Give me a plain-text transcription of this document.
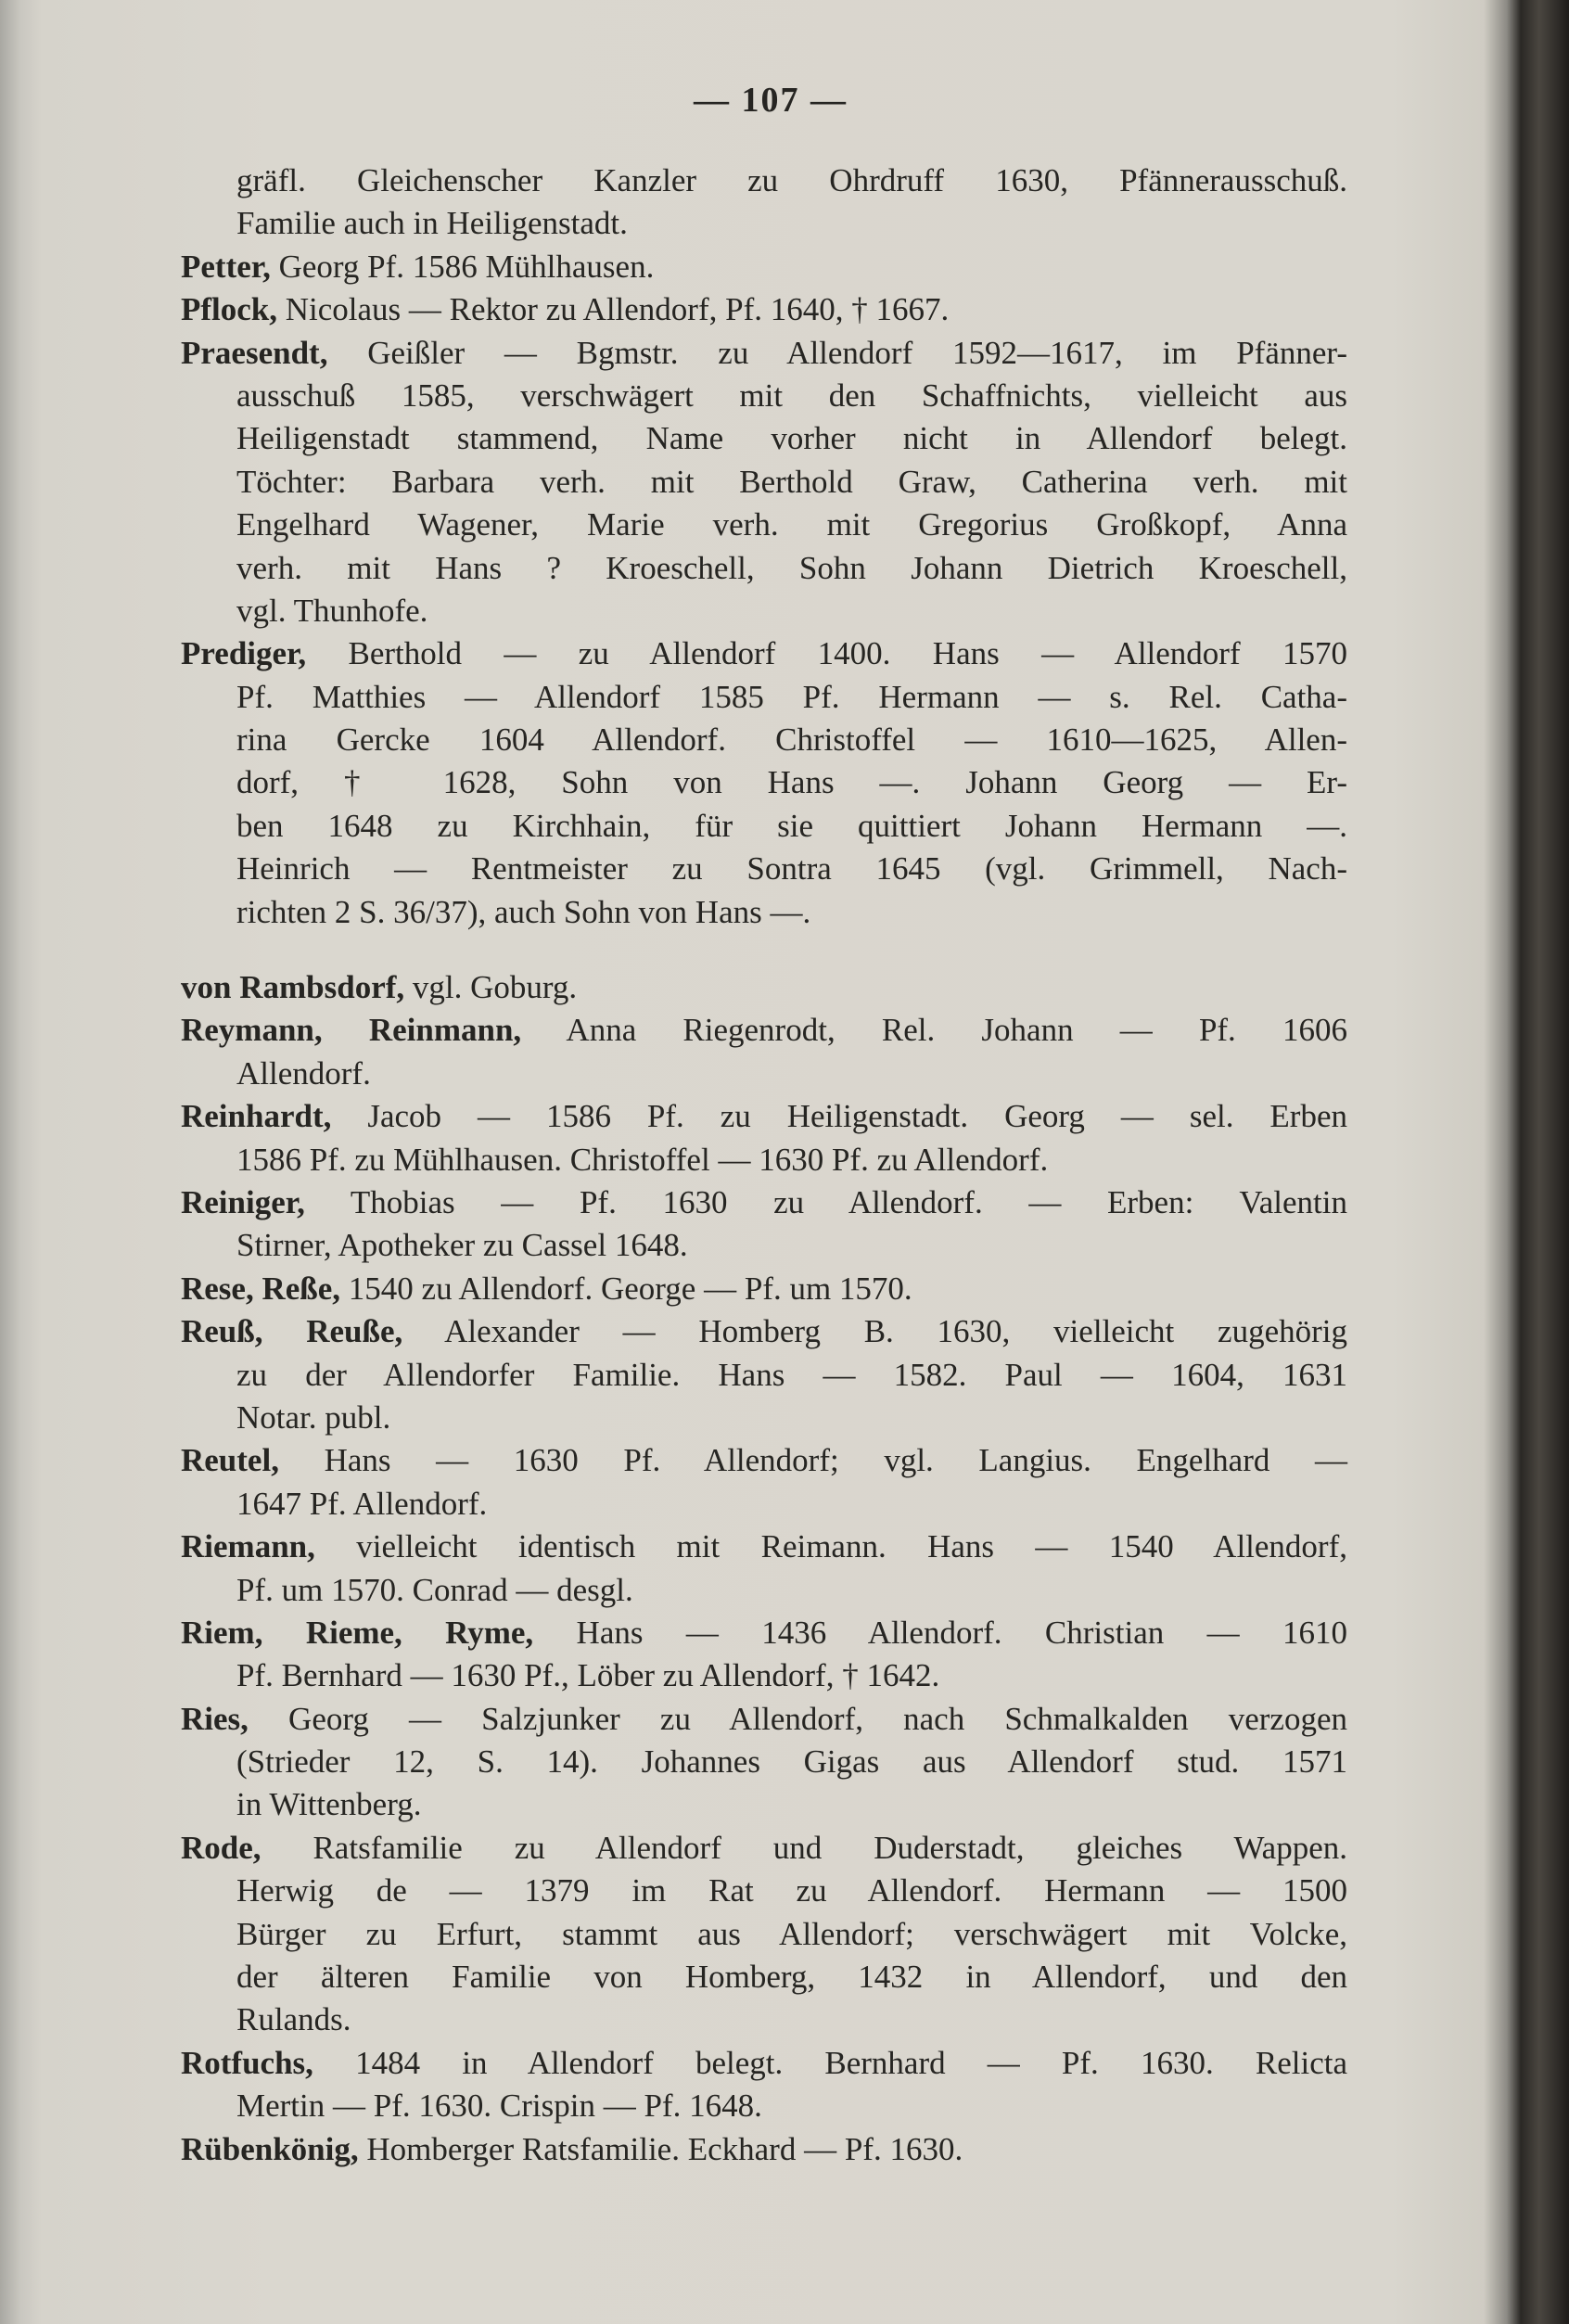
— 107 —
gräfl. Gleichenscher Kanzler zu Ohrdruff 1630, Pfännerausschuß.
Familie auch in Heiligenstadt.
Petter, Georg Pf. 1586 Mühlhausen.
Pflock, Nicolaus — Rektor zu Allendorf, Pf. 1640, † 1667.
Praesendt, Geißler — Bgmstr. zu Allendorf 1592—1617, im Pfänner-
ausschuß 1585, verschwägert mit den Schaffnichts, vielleicht aus
Heiligenstadt stammend, Name vorher nicht in Allendorf belegt.
Töchter: Barbara verh. mit Berthold Graw, Catherina verh. mit
Engelhard Wagener, Marie verh. mit Gregorius Großkopf, Anna
verh. mit Hans ? Kroeschell, Sohn Johann Dietrich Kroeschell,
vgl. Thunhofe.
Prediger, Berthold — zu Allendorf 1400. Hans — Allendorf 1570
Pf. Matthies — Allendorf 1585 Pf. Hermann — s. Rel. Catha-
rina Gercke 1604 Allendorf. Christoffel — 1610—1625, Allen-
dorf, † 1628, Sohn von Hans —. Johann Georg — Er-
ben 1648 zu Kirchhain, für sie quittiert Johann Hermann —.
Heinrich — Rentmeister zu Sontra 1645 (vgl. Grimmell, Nach-
richten 2 S. 36/37), auch Sohn von Hans —.
von Rambsdorf, vgl. Goburg.
Reymann, Reinmann, Anna Riegenrodt, Rel. Johann — Pf. 1606
Allendorf.
Reinhardt, Jacob — 1586 Pf. zu Heiligenstadt. Georg — sel. Erben
1586 Pf. zu Mühlhausen. Christoffel — 1630 Pf. zu Allendorf.
Reiniger, Thobias — Pf. 1630 zu Allendorf. — Erben: Valentin
Stirner, Apotheker zu Cassel 1648.
Rese, Reße, 1540 zu Allendorf. George — Pf. um 1570.
Reuß, Reuße, Alexander — Homberg B. 1630, vielleicht zugehörig
zu der Allendorfer Familie. Hans — 1582. Paul — 1604, 1631
Notar. publ.
Reutel, Hans — 1630 Pf. Allendorf; vgl. Langius. Engelhard —
1647 Pf. Allendorf.
Riemann, vielleicht identisch mit Reimann. Hans — 1540 Allendorf,
Pf. um 1570. Conrad — desgl.
Riem, Rieme, Ryme, Hans — 1436 Allendorf. Christian — 1610
Pf. Bernhard — 1630 Pf., Löber zu Allendorf, † 1642.
Ries, Georg — Salzjunker zu Allendorf, nach Schmalkalden verzogen
(Strieder 12, S. 14). Johannes Gigas aus Allendorf stud. 1571
in Wittenberg.
Rode, Ratsfamilie zu Allendorf und Duderstadt, gleiches Wappen.
Herwig de — 1379 im Rat zu Allendorf. Hermann — 1500
Bürger zu Erfurt, stammt aus Allendorf; verschwägert mit Volcke,
der älteren Familie von Homberg, 1432 in Allendorf, und den
Rulands.
Rotfuchs, 1484 in Allendorf belegt. Bernhard — Pf. 1630. Relicta
Mertin — Pf. 1630. Crispin — Pf. 1648.
Rübenkönig, Homberger Ratsfamilie. Eckhard — Pf. 1630.
